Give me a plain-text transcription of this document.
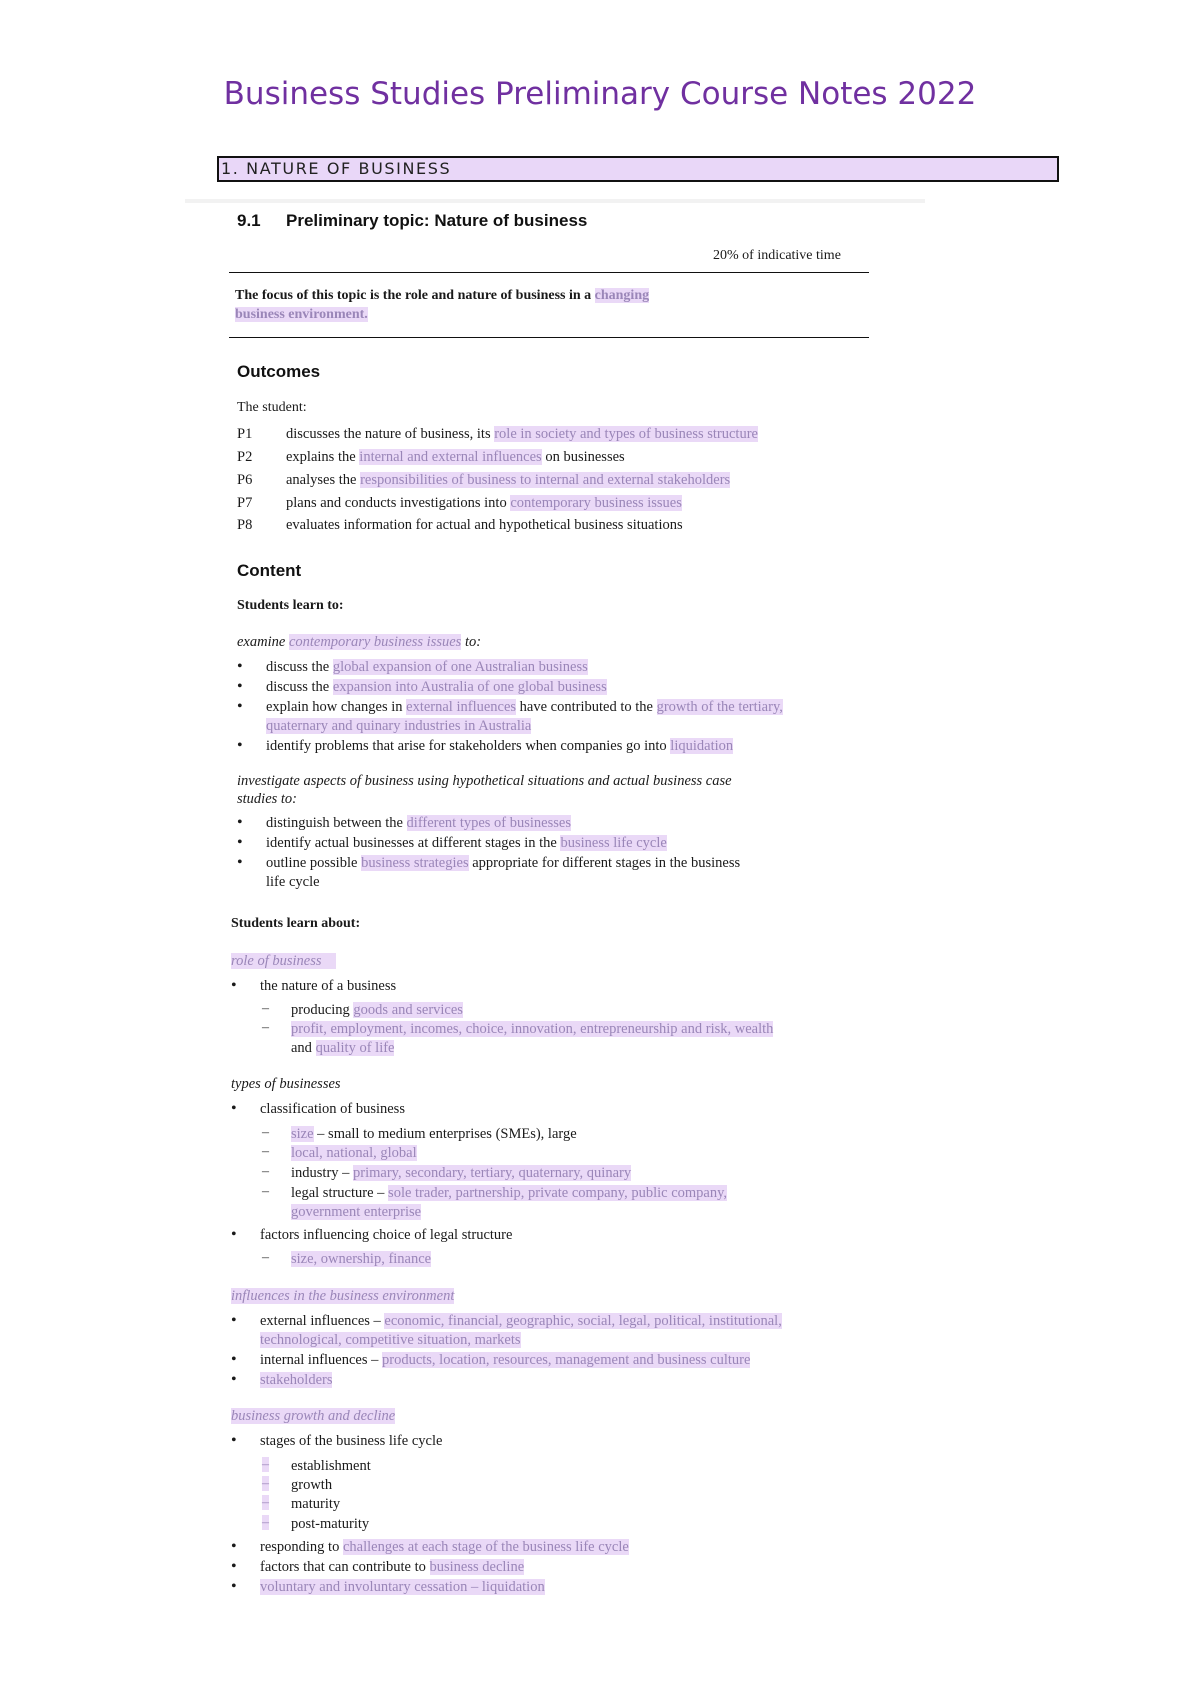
Business Studies Preliminary Course Notes 2022
1. NATURE OF BUSINESS
9.1 Preliminary topic: Nature of business
20% of indicative time
The focus of this topic is the role and nature of business in a changing
business environment.
Outcomes
The student:
P1 discusses the nature of business, its role in society and types of business structure
P2 explains the internal and external influences on businesses
P6 analyses the responsibilities of business to internal and external stakeholders
P7 plans and conducts investigations into contemporary business issues
P8 evaluates information for actual and hypothetical business situations
Content
Students learn to:
examine contemporary business issues to:
• discuss the global expansion of one Australian business
• discuss the expansion into Australia of one global business
• explain how changes in external influences have contributed to the growth of the tertiary,
quaternary and quinary industries in Australia
• identify problems that arise for stakeholders when companies go into liquidation
investigate aspects of business using hypothetical situations and actual business case
studies to:
• distinguish between the different types of businesses
• identify actual businesses at different stages in the business life cycle
• outline possible business strategies appropriate for different stages in the business
life cycle
Students learn about:
role of business
• the nature of a business
– producing goods and services
– profit, employment, incomes, choice, innovation, entrepreneurship and risk, wealth
and quality of life
types of businesses
• classification of business
– size – small to medium enterprises (SMEs), large
– local, national, global
– industry – primary, secondary, tertiary, quaternary, quinary
– legal structure – sole trader, partnership, private company, public company,
government enterprise
• factors influencing choice of legal structure
– size, ownership, finance
influences in the business environment
• external influences – economic, financial, geographic, social, legal, political, institutional,
technological, competitive situation, markets
• internal influences – products, location, resources, management and business culture
• stakeholders
business growth and decline
• stages of the business life cycle
– establishment
– growth
– maturity
– post-maturity
• responding to challenges at each stage of the business life cycle
• factors that can contribute to business decline
• voluntary and involuntary cessation – liquidation
